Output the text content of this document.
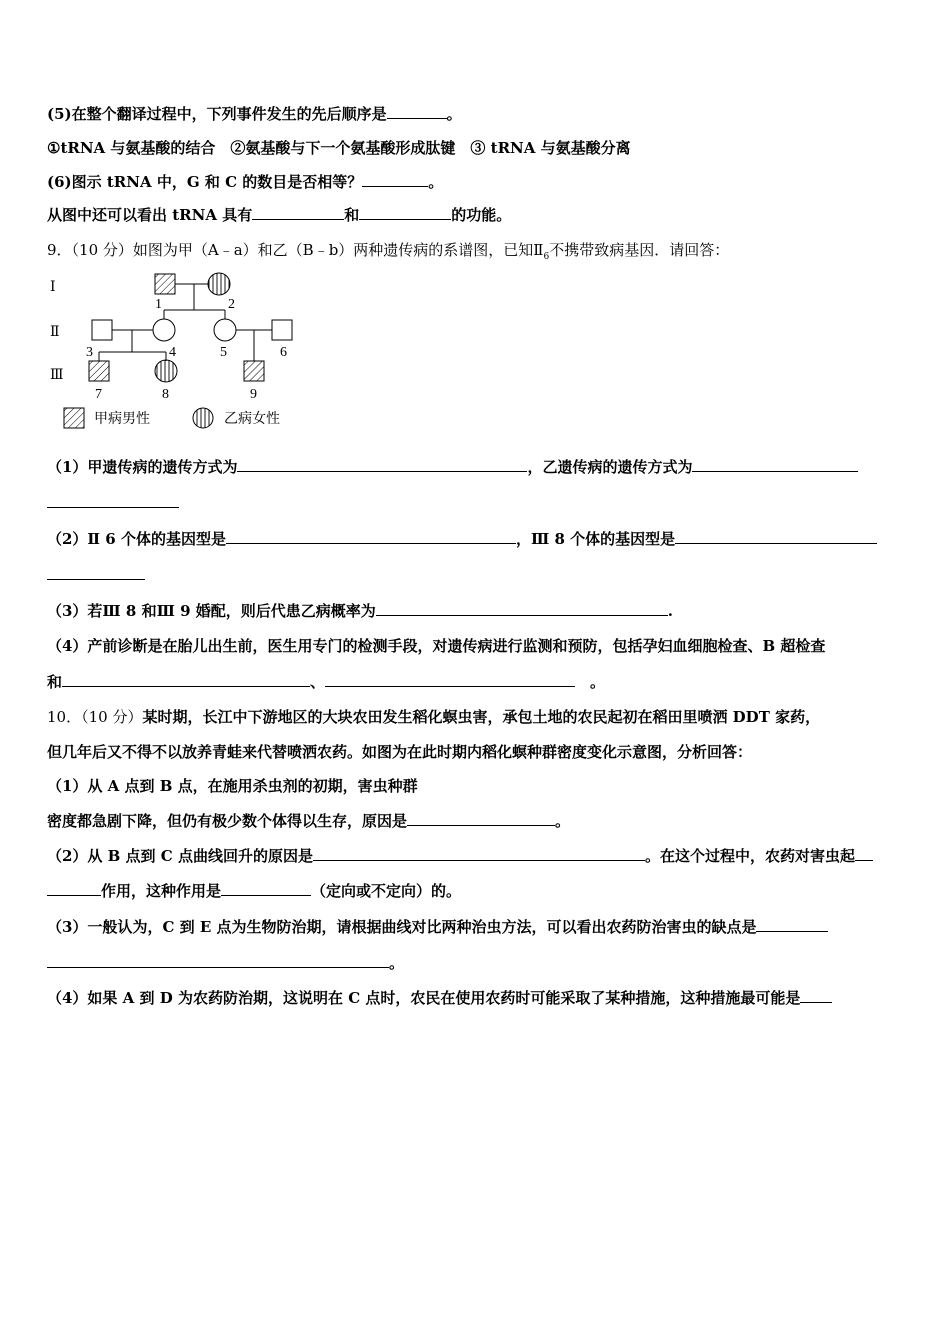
(5)在整个翻译过程中，下列事件发生的先后顺序是	。
①tRNA 与氨基酸的结合　②氨基酸与下一个氨基酸形成肽键　③ tRNA 与氨基酸分离
(6)图示 tRNA 中，G 和 C 的数目是否相等？	。
从图中还可以看出 tRNA 具有	和	的功能。
9．（10 分）如图为甲（A﹣a）和乙（B﹣b）两种遗传病的系谱图，已知$Ⅱ_6$不携带致病基因．请回答：
Ⅰ
Ⅱ
Ⅲ
1	2
3	4	5	6
7	8	9
甲病男性	乙病女性
（1）甲遗传病的遗传方式为	，乙遗传病的遗传方式为
（2）Ⅱ 6 个体的基因型是	，Ⅲ 8 个体的基因型是
（3）若Ⅲ 8 和Ⅲ 9 婚配，则后代患乙病概率为	.
（4）产前诊断是在胎儿出生前，医生用专门的检测手段，对遗传病进行监测和预防，包括孕妇血细胞检查、B 超检查
和	、	　。
10．（10 分）某时期，长江中下游地区的大块农田发生稻化螟虫害，承包土地的农民起初在稻田里喷洒 DDT 家药，
但几年后又不得不以放养青蛙来代替喷洒农药。如图为在此时期内稻化螟种群密度变化示意图，分析回答：
（1）从 A 点到 B 点，在施用杀虫剂的初期，害虫种群
密度都急剧下降，但仍有极少数个体得以生存，原因是	。
（2）从 B 点到 C 点曲线回升的原因是	。在这个过程中，农药对害虫起
作用，这种作用是	（定向或不定向）的。
（3）一般认为，C 到 E 点为生物防治期，请根据曲线对比两种治虫方法，可以看出农药防治害虫的缺点是
。
（4）如果 A 到 D 为农药防治期，这说明在 C 点时，农民在使用农药时可能采取了某种措施，这种措施最可能是
